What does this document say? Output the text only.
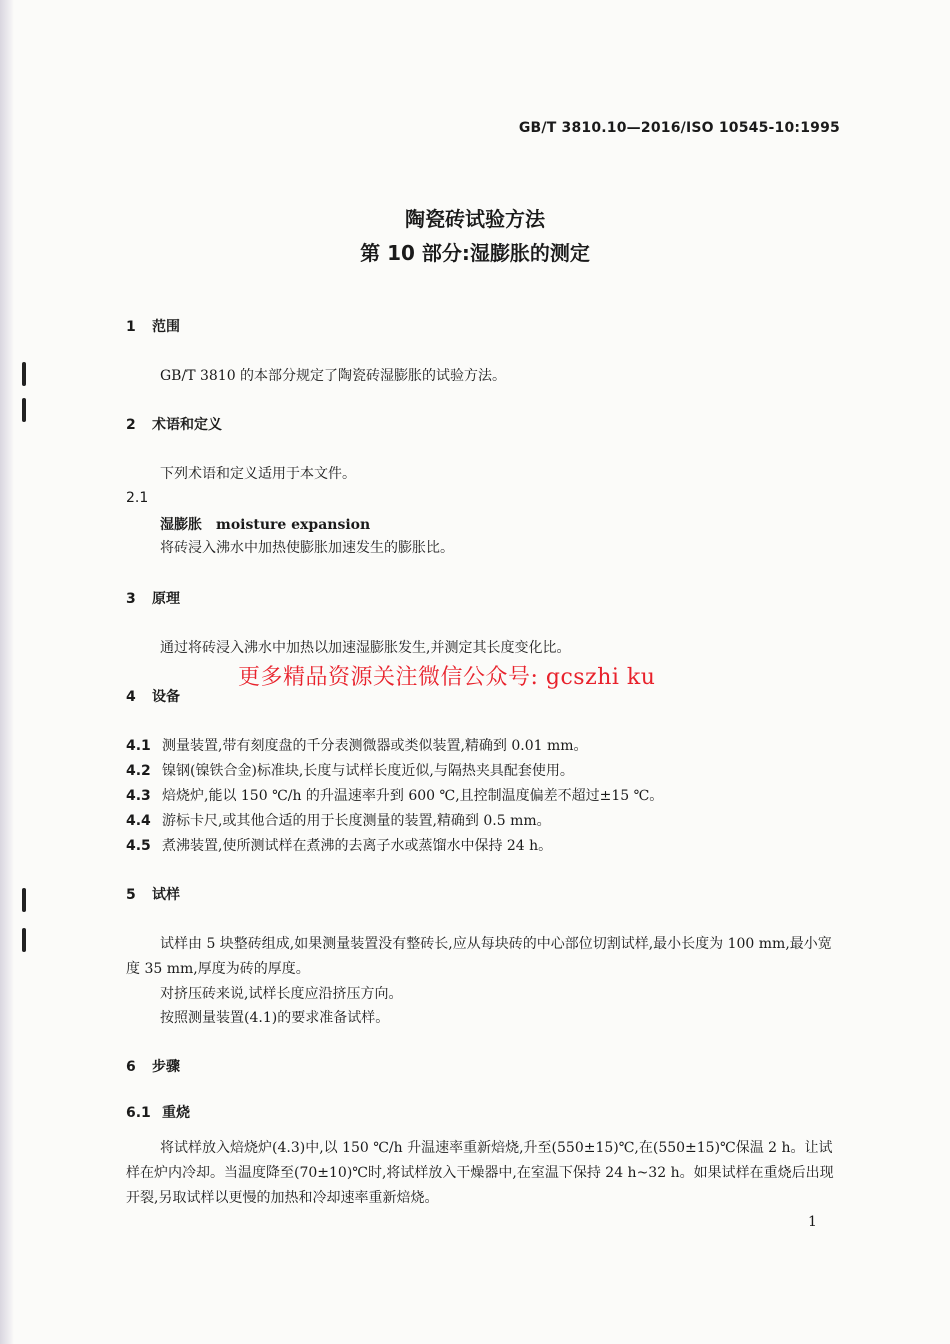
GB/T 3810.10—2016/ISO 10545-10:1995
陶瓷砖试验方法
第 10 部分:湿膨胀的测定
1 范围
GB/T 3810 的本部分规定了陶瓷砖湿膨胀的试验方法。
2 术语和定义
下列术语和定义适用于本文件。
2.1
湿膨胀 moisture expansion
将砖浸入沸水中加热使膨胀加速发生的膨胀比。
3 原理
通过将砖浸入沸水中加热以加速湿膨胀发生,并测定其长度变化比。
更多精品资源关注微信公众号: gcszhi ku
4 设备
4.1 测量装置,带有刻度盘的千分表测微器或类似装置,精确到 0.01 mm。
4.2 镍钢(镍铁合金)标准块,长度与试样长度近似,与隔热夹具配套使用。
4.3 焙烧炉,能以 150 ℃/h 的升温速率升到 600 ℃,且控制温度偏差不超过±15 ℃。
4.4 游标卡尺,或其他合适的用于长度测量的装置,精确到 0.5 mm。
4.5 煮沸装置,使所测试样在煮沸的去离子水或蒸馏水中保持 24 h。
5 试样
试样由 5 块整砖组成,如果测量装置没有整砖长,应从每块砖的中心部位切割试样,最小长度为 100 mm,最小宽度 35 mm,厚度为砖的厚度。
对挤压砖来说,试样长度应沿挤压方向。
按照测量装置(4.1)的要求准备试样。
6 步骤
6.1 重烧
将试样放入焙烧炉(4.3)中,以 150 ℃/h 升温速率重新焙烧,升至(550±15)℃,在(550±15)℃保温 2 h。让试样在炉内冷却。当温度降至(70±10)℃时,将试样放入干燥器中,在室温下保持 24 h~32 h。如果试样在重烧后出现开裂,另取试样以更慢的加热和冷却速率重新焙烧。
1
